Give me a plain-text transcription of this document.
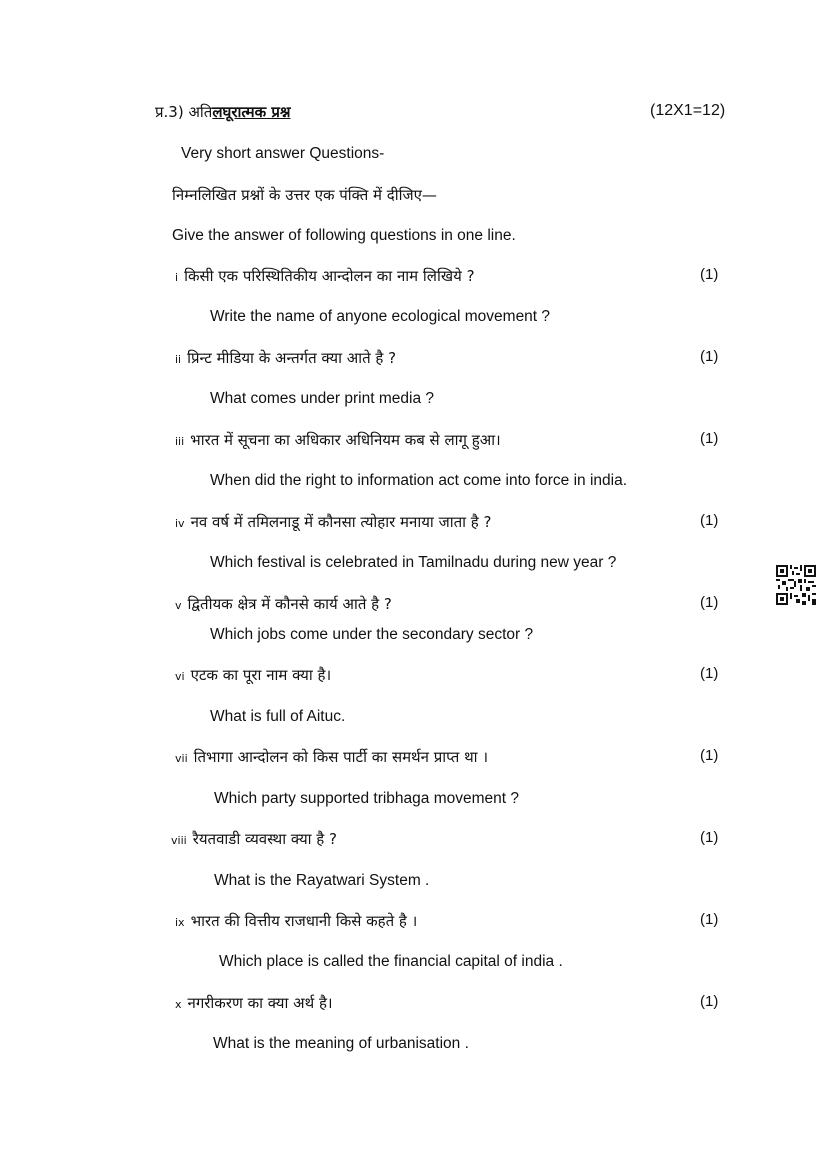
प्र.3) अतिलघूरात्मक प्रश्न	(12X1=12)
Very short answer Questions-
निम्नलिखित प्रश्नों के उत्तर एक पंक्ति में दीजिए—
Give the answer of following questions in one line.
i किसी एक परिस्थितिकीय आन्दोलन का नाम लिखिये ?	(1)
Write the name of anyone ecological movement ?
ii प्रिन्ट मीडिया के अन्तर्गत क्या आते है ?	(1)
What comes under print media ?
iii भारत में सूचना का अधिकार अधिनियम कब से लागू हुआ।	(1)
When did the right to information act come into force in india.
iv नव वर्ष में तमिलनाडू में कौनसा त्योहार मनाया जाता है ?	(1)
Which festival is celebrated in Tamilnadu during new year ?
v द्वितीयक क्षेत्र में कौनसे कार्य आते है ?	(1)
Which jobs come under the secondary sector ?
vi एटक का पूरा नाम क्या है।	(1)
What is full of Aituc.
vii तिभागा आन्दोलन को किस पार्टी का समर्थन प्राप्त था ।	(1)
Which party supported tribhaga movement ?
viii रैयतवाडी व्यवस्था क्या है ?	(1)
What is the Rayatwari System .
ix भारत की वित्तीय राजधानी किसे कहते है ।	(1)
Which place is called the financial capital of india .
x नगरीकरण का क्या अर्थ है।	(1)
What is the meaning of urbanisation .
